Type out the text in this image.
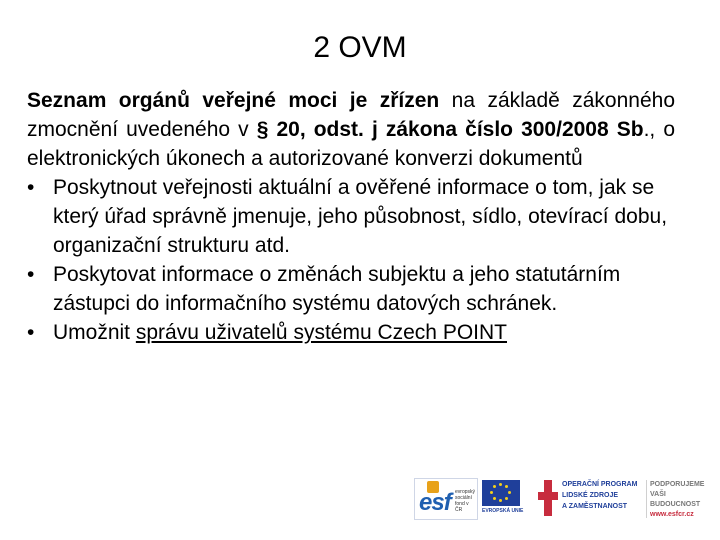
2 OVM

Seznam orgánů veřejné moci je zřízen na základě zákonného zmocnění uvedeného v § 20, odst. j zákona číslo 300/2008 Sb., o elektronických úkonech a autorizované konverzi dokumentů

• Poskytnout veřejnosti aktuální a ověřené informace o tom, jak se který úřad správně jmenuje, jeho působnost, sídlo, otevírací dobu, organizační strukturu atd.
• Poskytovat informace o změnách subjektu a jeho statutárním zástupci do informačního systému datových schránek.
• Umožnit správu uživatelů systému Czech POINT
esf evropský sociální fond v ČR	EVROPSKÁ UNIE
OPERAČNÍ PROGRAM
LIDSKÉ ZDROJE
A ZAMĚSTNANOST
PODPORUJEME
VAŠI BUDOUCNOST
www.esfcr.cz
